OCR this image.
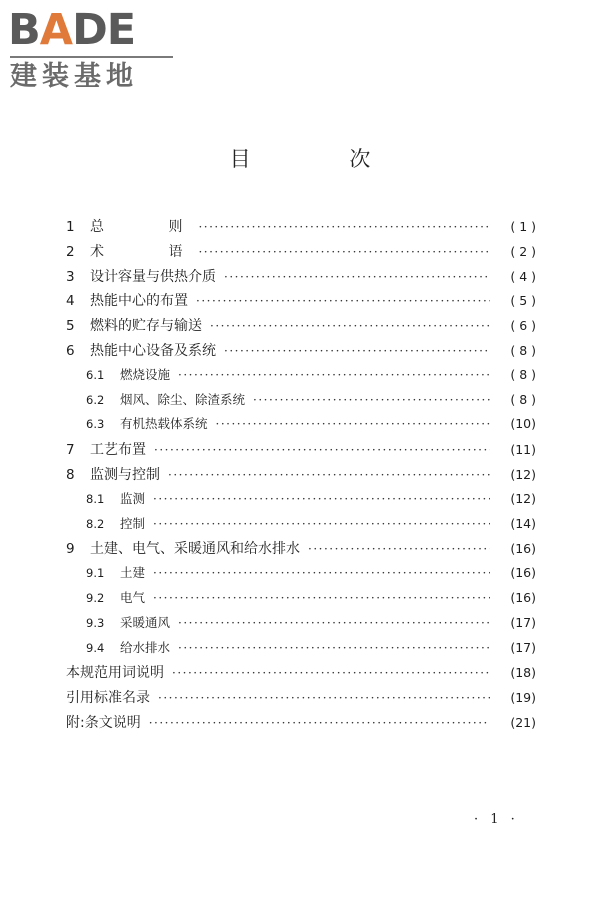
BADE
建装基地
目 次
1	总 则 ·····	( 1 )
2	术 语 ·····	( 2 )
3	设计容量与供热介质 ·····	( 4 )
4	热能中心的布置 ·····	( 5 )
5	燃料的贮存与输送 ·····	( 6 )
6	热能中心设备及系统 ·····	( 8 )
6.1	燃烧设施 ·····	( 8 )
6.2	烟风、除尘、除渣系统 ·····	( 8 )
6.3	有机热载体系统 ·····	(10)
7	工艺布置 ·····	(11)
8	监测与控制 ·····	(12)
8.1	监测 ·····	(12)
8.2	控制 ·····	(14)
9	土建、电气、采暖通风和给水排水 ·····	(16)
9.1	土建 ·····	(16)
9.2	电气 ·····	(16)
9.3	采暖通风 ·····	(17)
9.4	给水排水 ·····	(17)
本规范用词说明 ·····	(18)
引用标准名录 ·····	(19)
附:条文说明 ·····	(21)
· 1 ·
